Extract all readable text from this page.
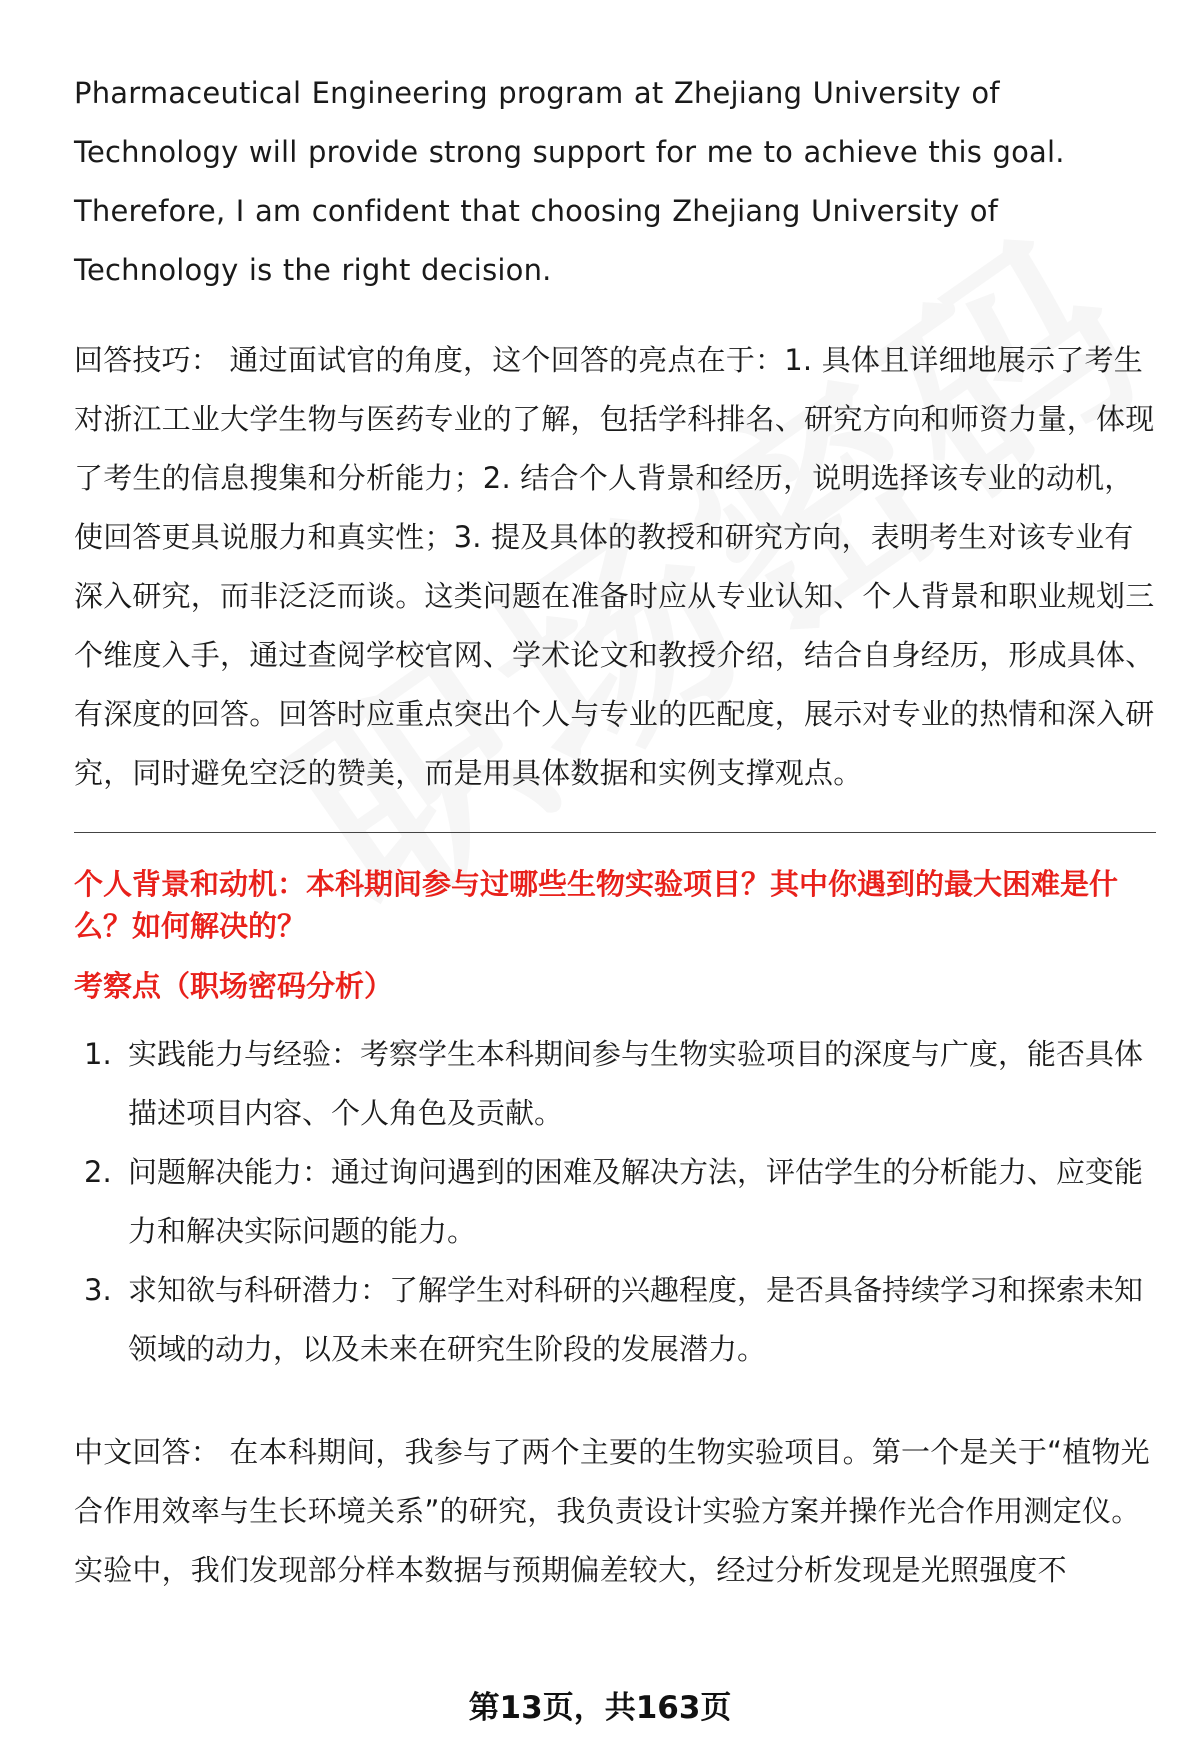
Pharmaceutical Engineering program at Zhejiang University of Technology will provide strong support for me to achieve this goal. Therefore, I am confident that choosing Zhejiang University of Technology is the right decision.

回答技巧： 通过面试官的角度，这个回答的亮点在于：1. 具体且详细地展示了考生对浙江工业大学生物与医药专业的了解，包括学科排名、研究方向和师资力量，体现了考生的信息搜集和分析能力；2. 结合个人背景和经历，说明选择该专业的动机，使回答更具说服力和真实性；3. 提及具体的教授和研究方向，表明考生对该专业有深入研究，而非泛泛而谈。这类问题在准备时应从专业认知、个人背景和职业规划三个维度入手，通过查阅学校官网、学术论文和教授介绍，结合自身经历，形成具体、有深度的回答。回答时应重点突出个人与专业的匹配度，展示对专业的热情和深入研究，同时避免空泛的赞美，而是用具体数据和实例支撑观点。

个人背景和动机：本科期间参与过哪些生物实验项目？其中你遇到的最大困难是什么？如何解决的？

考察点（职场密码分析）
1. 实践能力与经验：考察学生本科期间参与生物实验项目的深度与广度，能否具体描述项目内容、个人角色及贡献。
2. 问题解决能力：通过询问遇到的困难及解决方法，评估学生的分析能力、应变能力和解决实际问题的能力。
3. 求知欲与科研潜力：了解学生对科研的兴趣程度，是否具备持续学习和探索未知领域的动力，以及未来在研究生阶段的发展潜力。

中文回答： 在本科期间，我参与了两个主要的生物实验项目。第一个是关于“植物光合作用效率与生长环境关系”的研究，我负责设计实验方案并操作光合作用测定仪。实验中，我们发现部分样本数据与预期偏差较大，经过分析发现是光照强度不

第13页，共163页
